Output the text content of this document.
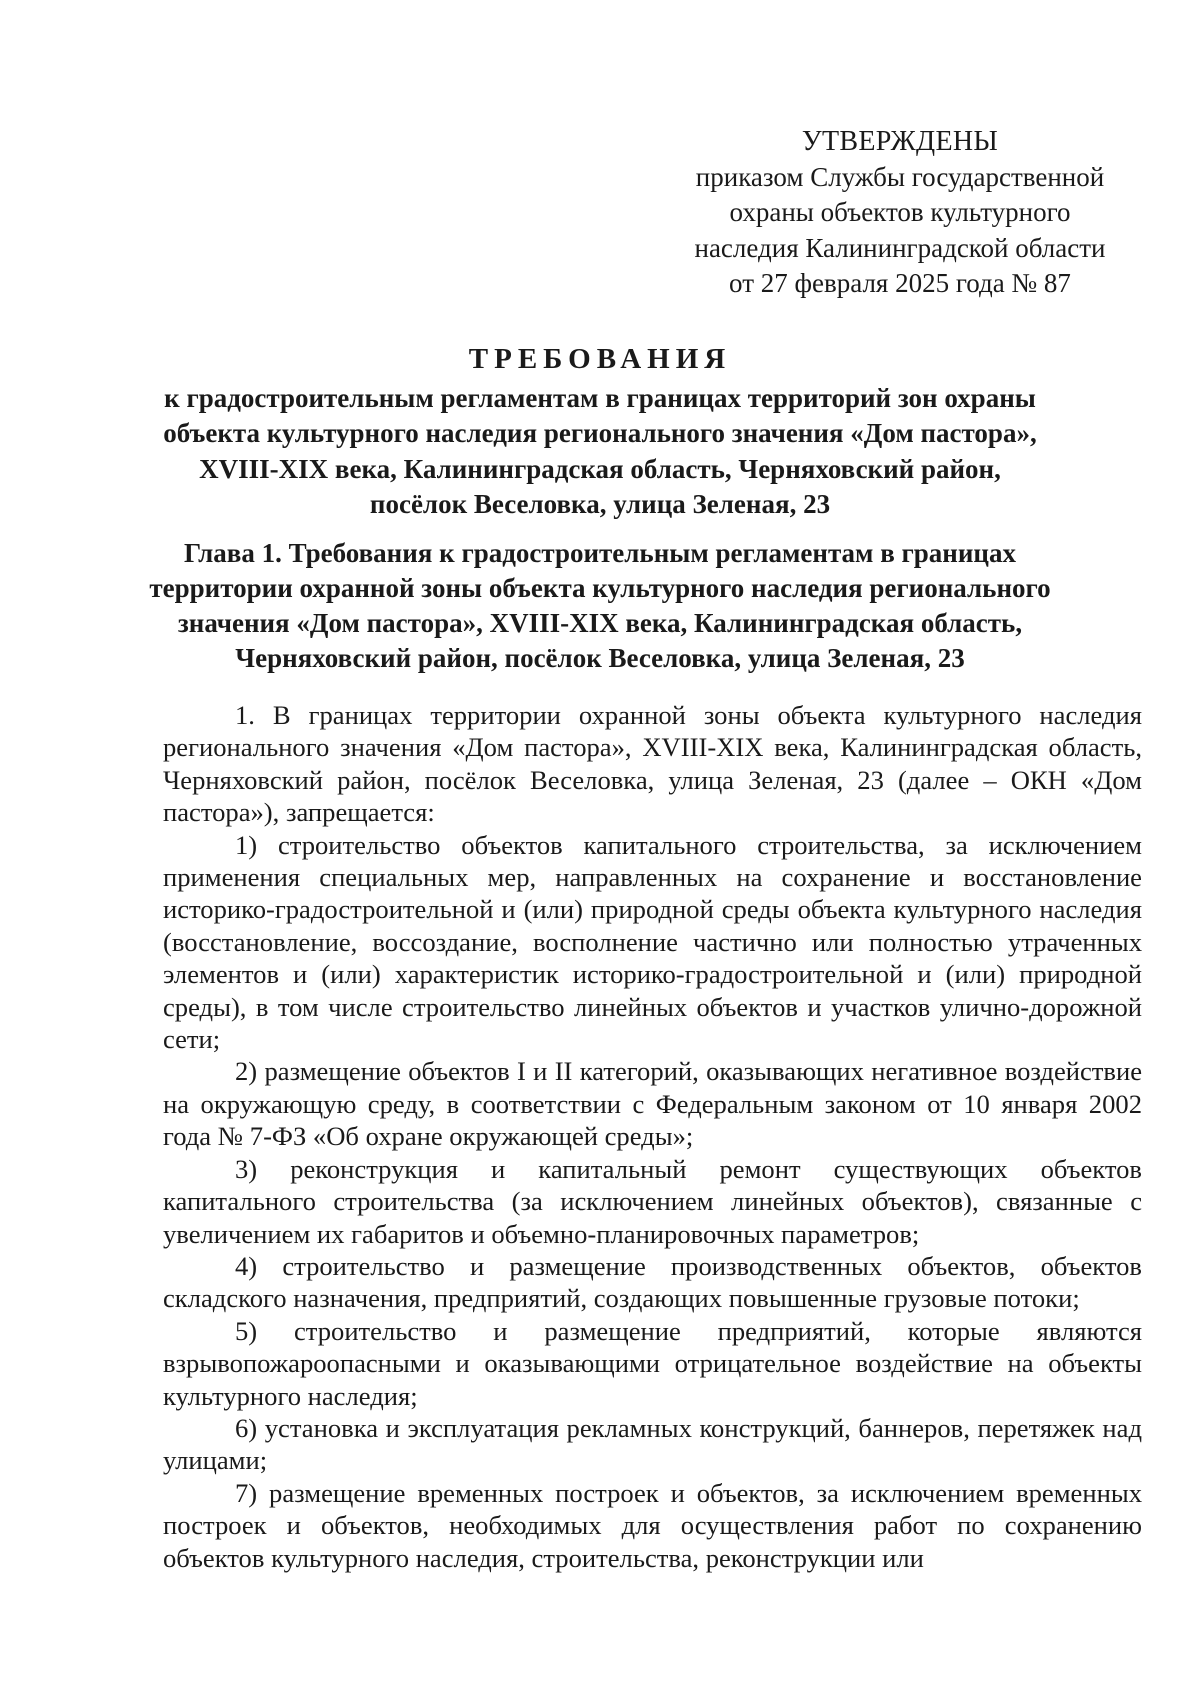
УТВЕРЖДЕНЫ
приказом Службы государственной
охраны объектов культурного
наследия Калининградской области
от 27 февраля 2025 года № 87
ТРЕБОВАНИЯ
к градостроительным регламентам в границах территорий зон охраны
объекта культурного наследия регионального значения «Дом пастора»,
XVIII-XIX века, Калининградская область, Черняховский район,
посёлок Веселовка, улица Зеленая, 23
Глава 1. Требования к градостроительным регламентам в границах
территории охранной зоны объекта культурного наследия регионального
значения «Дом пастора», XVIII-XIX века, Калининградская область,
Черняховский район, посёлок Веселовка, улица Зеленая, 23

1. В границах территории охранной зоны объекта культурного наследия регионального значения «Дом пастора», XVIII-XIX века, Калининградская область, Черняховский район, посёлок Веселовка, улица Зеленая, 23 (далее – ОКН «Дом пастора»), запрещается:

1) строительство объектов капитального строительства, за исключением применения специальных мер, направленных на сохранение и восстановление историко-градостроительной и (или) природной среды объекта культурного наследия (восстановление, воссоздание, восполнение частично или полностью утраченных элементов и (или) характеристик историко-градостроительной и (или) природной среды), в том числе строительство линейных объектов и участков улично-дорожной сети;

2) размещение объектов I и II категорий, оказывающих негативное воздействие на окружающую среду, в соответствии с Федеральным законом от 10 января 2002 года № 7-ФЗ «Об охране окружающей среды»;

3) реконструкция и капитальный ремонт существующих объектов капитального строительства (за исключением линейных объектов), связанные с увеличением их габаритов и объемно-планировочных параметров;

4) строительство и размещение производственных объектов, объектов складского назначения, предприятий, создающих повышенные грузовые потоки;

5) строительство и размещение предприятий, которые являются взрывопожароопасными и оказывающими отрицательное воздействие на объекты культурного наследия;

6) установка и эксплуатация рекламных конструкций, баннеров, перетяжек над улицами;

7) размещение временных построек и объектов, за исключением временных построек и объектов, необходимых для осуществления работ по сохранению объектов культурного наследия, строительства, реконструкции или
